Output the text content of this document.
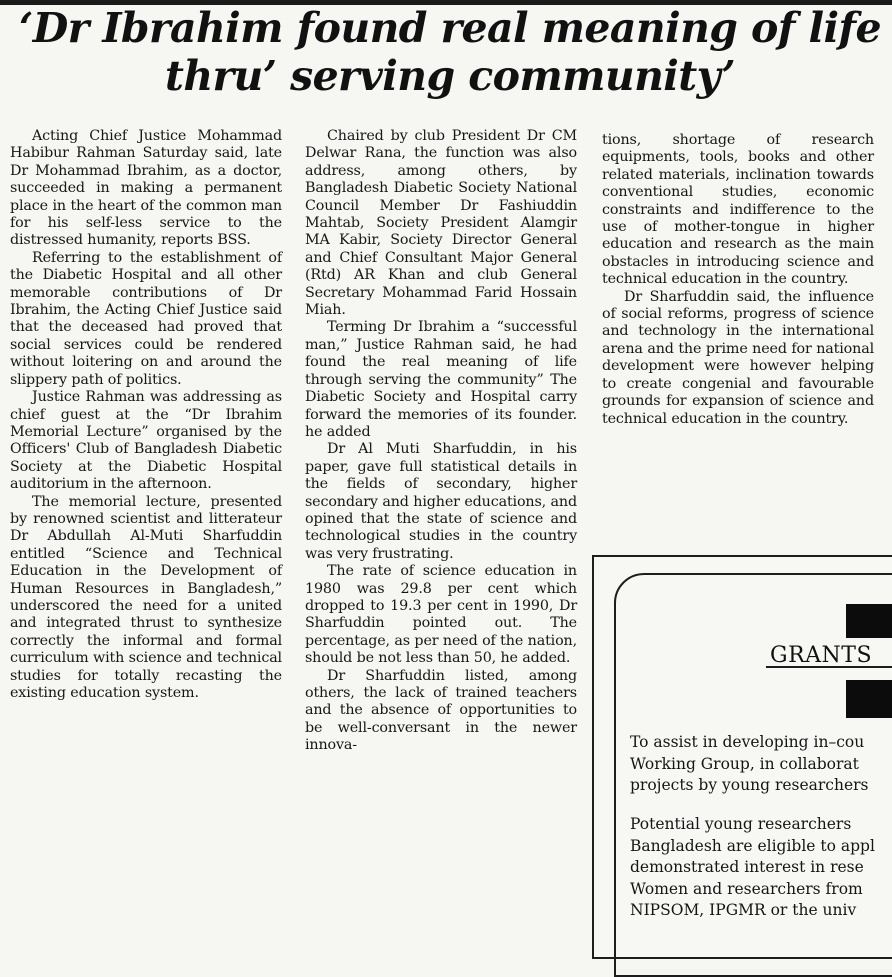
‘Dr Ibrahim found real meaning of life thru’ serving community’

Acting Chief Justice Mohammad Habibur Rahman Saturday said, late Dr Mohammad Ibrahim, as a doctor, succeeded in making a permanent place in the heart of the common man for his self-less service to the distressed humanity, reports BSS.

Referring to the establishment of the Diabetic Hospital and all other memorable contributions of Dr Ibrahim, the Acting Chief Justice said that the deceased had proved that social services could be rendered without loitering on and around the slippery path of politics.

Justice Rahman was addressing as chief guest at the “Dr Ibrahim Memorial Lecture” organised by the Officers' Club of Bangladesh Diabetic Society at the Diabetic Hospital auditorium in the afternoon.

The memorial lecture, presented by renowned scientist and litterateur Dr Abdullah Al-Muti Sharfuddin entitled “Science and Technical Education in the Development of Human Resources in Bangladesh,” underscored the need for a united and integrated thrust to synthesize correctly the informal and formal curriculum with science and technical studies for totally recasting the existing education system.

Chaired by club President Dr CM Delwar Rana, the function was also address, among others, by Bangladesh Diabetic Society National Council Member Dr Fashiuddin Mahtab, Society President Alamgir MA Kabir, Society Director General and Chief Consultant Major General (Rtd) AR Khan and club General Secretary Mohammad Farid Hossain Miah.

Terming Dr Ibrahim a “successful man,” Justice Rahman said, he had found the real meaning of life through serving the community” The Diabetic Society and Hospital carry forward the memories of its founder. he added

Dr Al Muti Sharfuddin, in his paper, gave full statistical details in the fields of secondary, higher secondary and higher educations, and opined that the state of science and technological studies in the country was very frustrating.

The rate of science education in 1980 was 29.8 per cent which dropped to 19.3 per cent in 1990, Dr Sharfuddin pointed out. The percentage, as per need of the nation, should be not less than 50, he added.

Dr Sharfuddin listed, among others, the lack of trained teachers and the absence of opportunities to be well-conversant in the newer innova-

tions, shortage of research equipments, tools, books and other related materials, inclination towards conventional studies, economic constraints and indifference to the use of mother-tongue in higher education and research as the main obstacles in introducing science and technical education in the country.

Dr Sharfuddin said, the influence of social reforms, progress of science and technology in the international arena and the prime need for national development were however helping to create congenial and favourable grounds for expansion of science and technical education in the country.

GRANTS
To assist in developing in–cou
Working Group, in collaborat
projects by young researchers
Potential young researchers
Bangladesh are eligible to appl
demonstrated interest in rese
Women and researchers from
NIPSOM, IPGMR or the univ
